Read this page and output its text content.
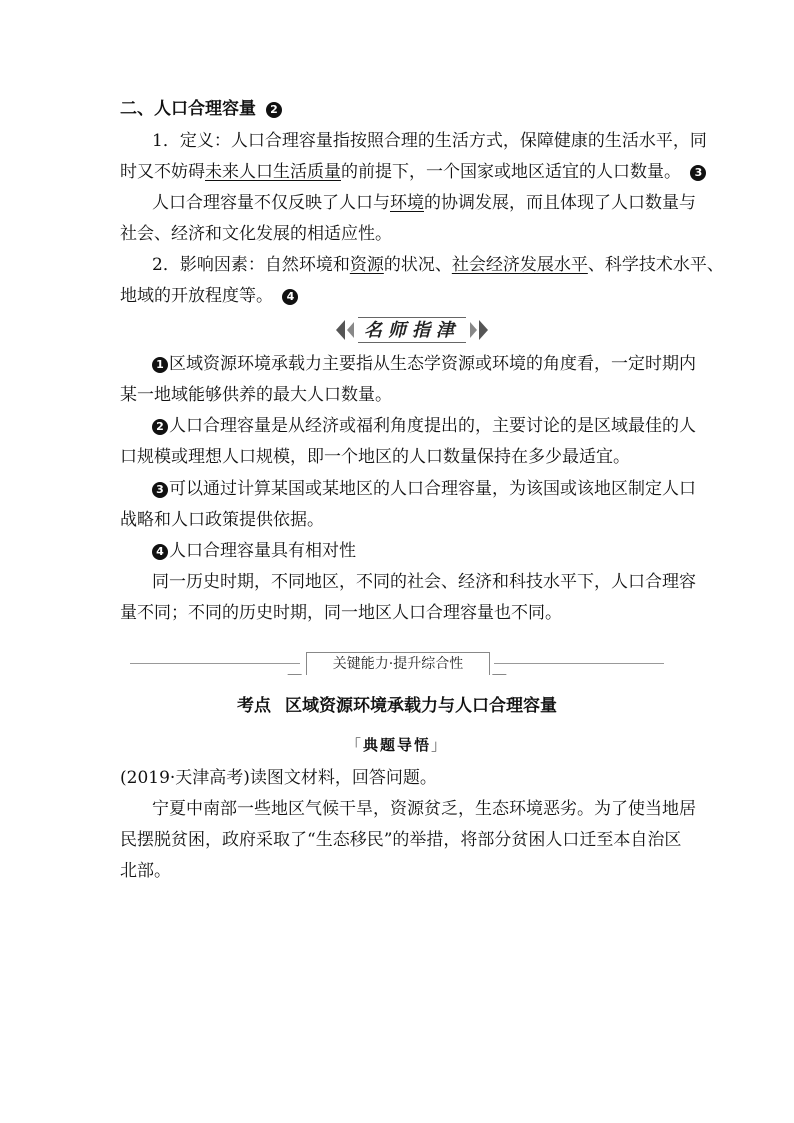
二、人口合理容量 2
1．定义：人口合理容量指按照合理的生活方式，保障健康的生活水平，同
时又不妨碍未来人口生活质量的前提下，一个国家或地区适宜的人口数量。 3
人口合理容量不仅反映了人口与环境的协调发展，而且体现了人口数量与
社会、经济和文化发展的相适应性。
2．影响因素：自然环境和资源的状况、社会经济发展水平、科学技术水平、
地域的开放程度等。 4
名师指津
1 区域资源环境承载力主要指从生态学资源或环境的角度看，一定时期内
某一地域能够供养的最大人口数量。
2 人口合理容量是从经济或福利角度提出的，主要讨论的是区域最佳的人
口规模或理想人口规模，即一个地区的人口数量保持在多少最适宜。
3 可以通过计算某国或某地区的人口合理容量，为该国或该地区制定人口
战略和人口政策提供依据。
4 人口合理容量具有相对性
同一历史时期，不同地区，不同的社会、经济和科技水平下，人口合理容
量不同；不同的历史时期，同一地区人口合理容量也不同。
关键能力·提升综合性
考点 区域资源环境承载力与人口合理容量
「典题导悟」
(2019·天津高考)读图文材料，回答问题。
宁夏中南部一些地区气候干旱，资源贫乏，生态环境恶劣。为了使当地居
民摆脱贫困，政府采取了“生态移民”的举措，将部分贫困人口迁至本自治区
北部。
